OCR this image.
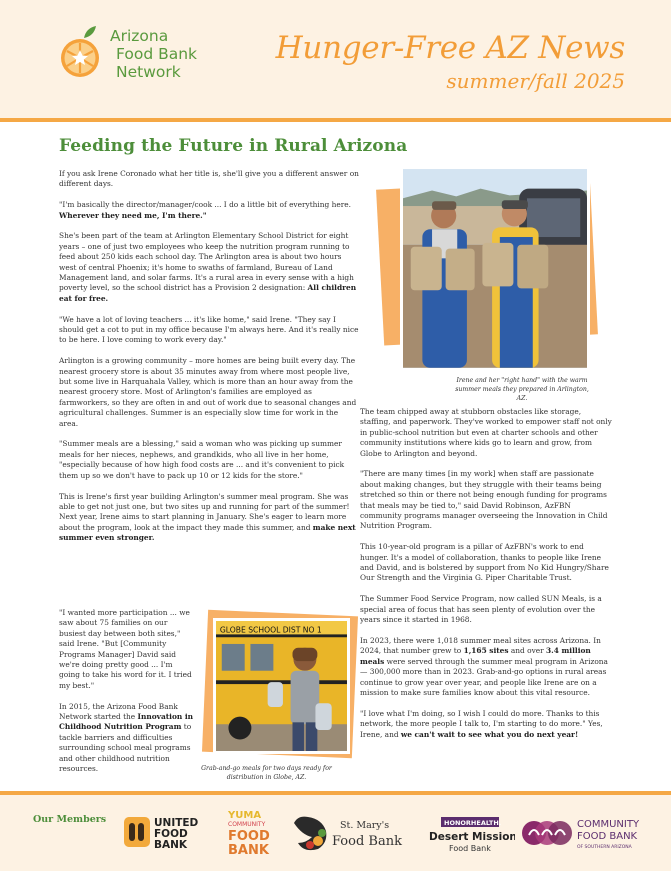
Arizona
Food Bank
Network
Hunger-Free AZ News
summer/fall 2025
Feeding the Future in Rural Arizona

If you ask Irene Coronado what her title is, she'll give you a different answer on different days.

"I'm basically the director/manager/cook ... I do a little bit of everything here. Wherever they need me, I'm there."

She's been part of the team at Arlington Elementary School District for eight years – one of just two employees who keep the nutrition program running to feed about 250 kids each school day. The Arlington area is about two hours west of central Phoenix; it's home to swaths of farmland, Bureau of Land Management land, and solar farms. It's a rural area in every sense with a high poverty level, so the school district has a Provision 2 designation: All children eat for free.

"We have a lot of loving teachers ... it's like home," said Irene. "They say I should get a cot to put in my office because I'm always here. And it's really nice to be here. I love coming to work every day."

Arlington is a growing community – more homes are being built every day. The nearest grocery store is about 35 minutes away from where most people live, but some live in Harquahala Valley, which is more than an hour away from the nearest grocery store. Most of Arlington's families are employed as farmworkers, so they are often in and out of work due to seasonal changes and agricultural challenges. Summer is an especially slow time for work in the area.

"Summer meals are a blessing," said a woman who was picking up summer meals for her nieces, nephews, and grandkids, who all live in her home, "especially because of how high food costs are ... and it's convenient to pick them up so we don't have to pack up 10 or 12 kids for the store."

This is Irene's first year building Arlington's summer meal program. She was able to get not just one, but two sites up and running for part of the summer! Next year, Irene aims to start planning in January. She's eager to learn more about the program, look at the impact they made this summer, and make next summer even stronger.

"I wanted more participation ... we saw about 75 families on our busiest day between both sites," said Irene. "But [Community Programs Manager] David said we're doing pretty good ... I'm going to take his word for it. I tried my best."

In 2015, the Arizona Food Bank Network started the Innovation in Childhood Nutrition Program to tackle barriers and difficulties surrounding school meal programs and other childhood nutrition resources.

Irene and her "right hand" with the warm summer meals they prepared in Arlington, AZ.
GLOBE SCHOOL DIST NO 1
Grab-and-go meals for two days ready for distribution in Globe, AZ.

The team chipped away at stubborn obstacles like storage, staffing, and paperwork. They've worked to empower staff not only in public-school nutrition but even at charter schools and other community institutions where kids go to learn and grow, from Globe to Arlington and beyond.

"There are many times [in my work] when staff are passionate about making changes, but they struggle with their teams being stretched so thin or there not being enough funding for programs that meals may be tied to," said David Robinson, AzFBN community programs manager overseeing the Innovation in Child Nutrition Program.

This 10-year-old program is a pillar of AzFBN's work to end hunger. It's a model of collaboration, thanks to people like Irene and David, and is bolstered by support from No Kid Hungry/Share Our Strength and the Virginia G. Piper Charitable Trust.

The Summer Food Service Program, now called SUN Meals, is a special area of focus that has seen plenty of evolution over the years since it started in 1968.

In 2023, there were 1,018 summer meal sites across Arizona. In 2024, that number grew to 1,165 sites and over 3.4 million meals were served through the summer meal program in Arizona — 300,000 more than in 2023. Grab-and-go options in rural areas continue to grow year over year, and people like Irene are on a mission to make sure families know about this vital resource.

"I love what I'm doing, so I wish I could do more. Thanks to this network, the more people I talk to, I'm starting to do more." Yes, Irene, and we can't wait to see what you do next year!

Our Members	UNITED
FOOD
BANK
YUMA
COMMUNITY
FOOD
BANK
St. Mary's
Food Bank
HONORHEALTH.
Desert Mission
Food Bank
COMMUNITY
FOOD BANK
OF SOUTHERN ARIZONA
